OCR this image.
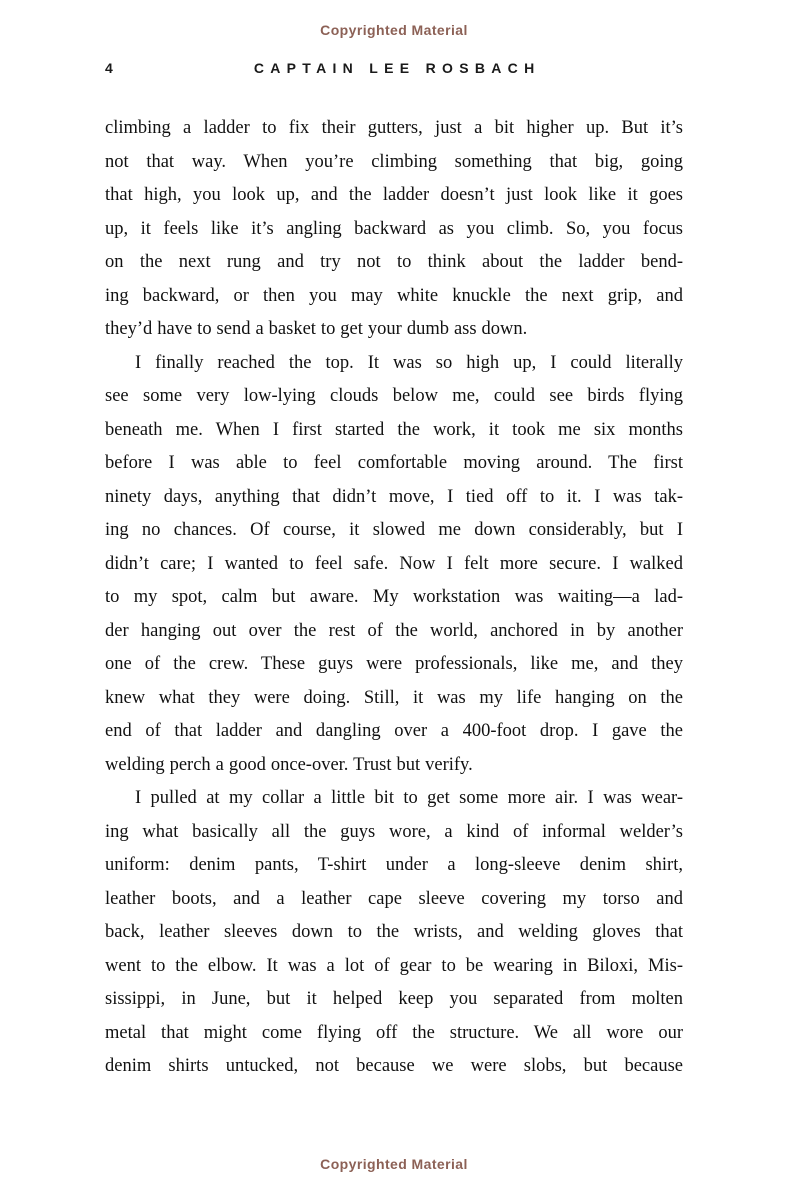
Copyrighted Material
4	CAPTAIN LEE ROSBACH
climbing a ladder to fix their gutters, just a bit higher up. But it’s
not that way. When you’re climbing something that big, going
that high, you look up, and the ladder doesn’t just look like it goes
up, it feels like it’s angling backward as you climb. So, you focus
on the next rung and try not to think about the ladder bend-
ing backward, or then you may white knuckle the next grip, and
they’d have to send a basket to get your dumb ass down.
I finally reached the top. It was so high up, I could literally
see some very low-lying clouds below me, could see birds flying
beneath me. When I first started the work, it took me six months
before I was able to feel comfortable moving around. The first
ninety days, anything that didn’t move, I tied off to it. I was tak-
ing no chances. Of course, it slowed me down considerably, but I
didn’t care; I wanted to feel safe. Now I felt more secure. I walked
to my spot, calm but aware. My workstation was waiting—a lad-
der hanging out over the rest of the world, anchored in by another
one of the crew. These guys were professionals, like me, and they
knew what they were doing. Still, it was my life hanging on the
end of that ladder and dangling over a 400-foot drop. I gave the
welding perch a good once-over. Trust but verify.
I pulled at my collar a little bit to get some more air. I was wear-
ing what basically all the guys wore, a kind of informal welder’s
uniform: denim pants, T-shirt under a long-sleeve denim shirt,
leather boots, and a leather cape sleeve covering my torso and
back, leather sleeves down to the wrists, and welding gloves that
went to the elbow. It was a lot of gear to be wearing in Biloxi, Mis-
sissippi, in June, but it helped keep you separated from molten
metal that might come flying off the structure. We all wore our
denim shirts untucked, not because we were slobs, but because
Copyrighted Material
